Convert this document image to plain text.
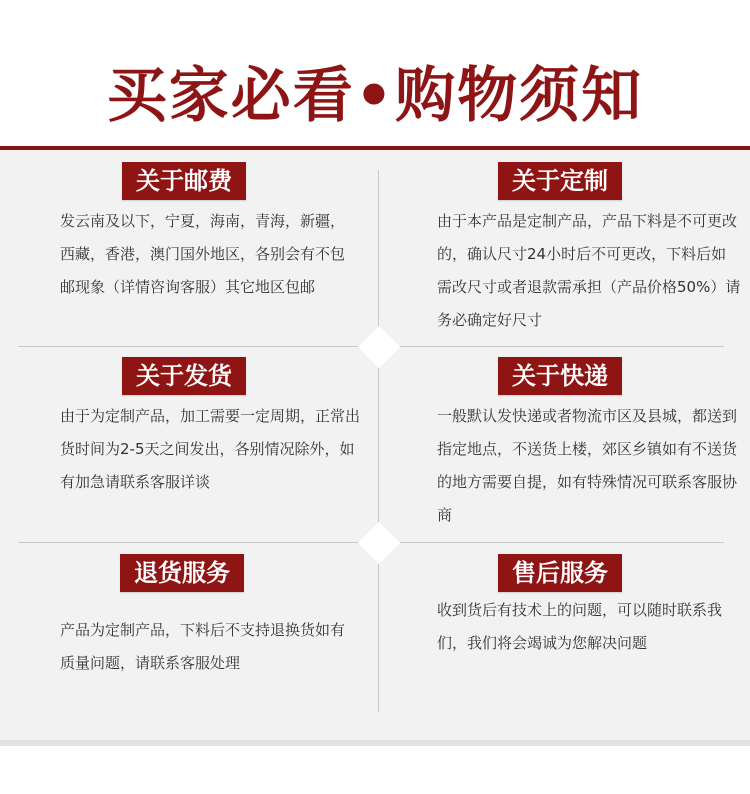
买家必看•购物须知
关于邮费
发云南及以下，宁夏，海南，青海，新疆，西藏，香港，澳门国外地区，各别会有不包邮现象（详情咨询客服）其它地区包邮
关于定制
由于本产品是定制产品，产品下料是不可更改的，确认尺寸24小时后不可更改，下料后如需改尺寸或者退款需承担（产品价格50%）请务必确定好尺寸
关于发货
由于为定制产品，加工需要一定周期，正常出货时间为2-5天之间发出，各别情况除外，如有加急请联系客服详谈
关于快递
一般默认发快递或者物流市区及县城，都送到指定地点，不送货上楼，郊区乡镇如有不送货的地方需要自提，如有特殊情况可联系客服协商
退货服务
产品为定制产品，下料后不支持退换货如有质量问题，请联系客服处理
售后服务
收到货后有技术上的问题，可以随时联系我们，我们将会竭诚为您解决问题
